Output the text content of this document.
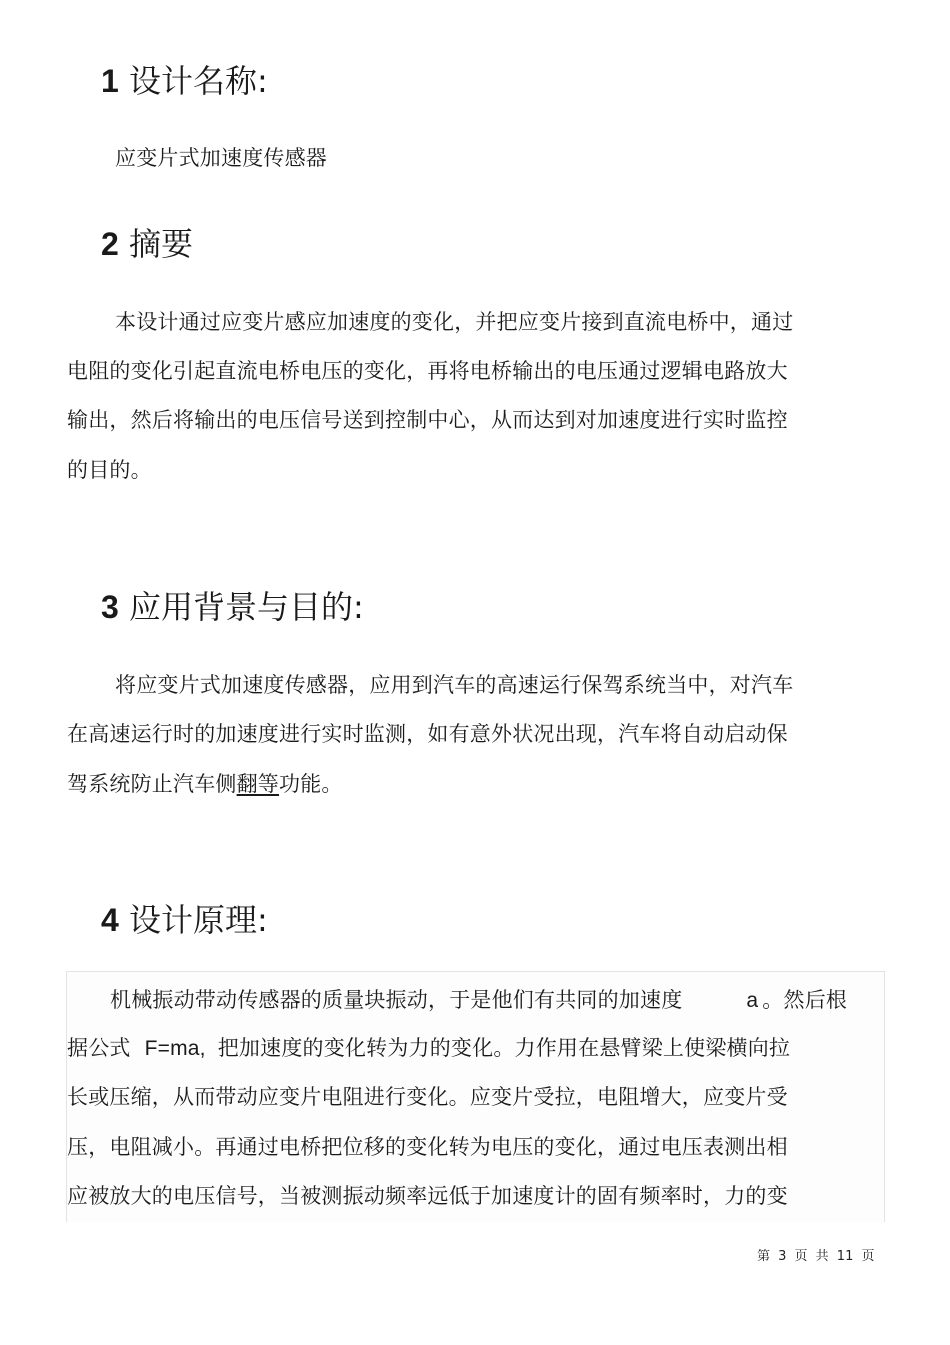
1 设计名称:

应变片式加速度传感器

2 摘要

本设计通过应变片感应加速度的变化，并把应变片接到直流电桥中，通过

电阻的变化引起直流电桥电压的变化，再将电桥输出的电压通过逻辑电路放大

输出，然后将输出的电压信号送到控制中心，从而达到对加速度进行实时监控

的目的。

3 应用背景与目的:

将应变片式加速度传感器，应用到汽车的高速运行保驾系统当中，对汽车

在高速运行时的加速度进行实时监测，如有意外状况出现，汽车将自动启动保

驾系统防止汽车侧翻等功能。

4 设计原理:

机械振动带动传感器的质量块振动，于是他们有共同的加速度	a 。然后根

据公式 F=ma, 把加速度的变化转为力的变化。力作用在悬臂梁上使梁横向拉

长或压缩，从而带动应变片电阻进行变化。应变片受拉，电阻增大，应变片受

压，电阻减小。再通过电桥把位移的变化转为电压的变化，通过电压表测出相

应被放大的电压信号，当被测振动频率远低于加速度计的固有频率时，力的变

第 3 页 共 11 页
